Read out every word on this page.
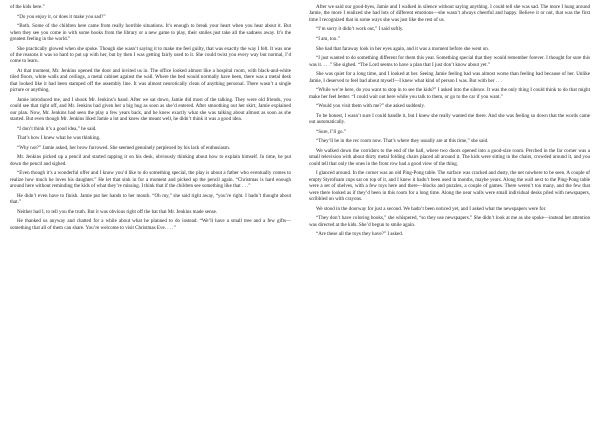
of the kids here.”

“Do you enjoy it, or does it make you sad?”

“Both. Some of the children here came from really horrible situations. It’s enough to break your heart when you hear about it. But when they see you come in with some books from the library or a new game to play, their smiles just take all the sadness away. It’s the greatest feeling in the world.”

She practically glowed when she spoke. Though she wasn’t saying it to make me feel guilty, that was exactly the way I felt. It was one of the reasons it was so hard to put up with her, but by then I was getting fairly used to it. She could twist you every way but normal, I’d come to learn.

At that moment, Mr. Jenkins opened the door and invited us in. The office looked almost like a hospital room, with black-and-white tiled floors, white walls and ceilings, a metal cabinet against the wall. Where the bed would normally have been, there was a metal desk that looked like it had been stamped off the assembly line. It was almost neurotically clean of anything personal. There wasn’t a single picture or anything.

Jamie introduced me, and I shook Mr. Jenkins’s hand. After we sat down, Jamie did most of the talking. They were old friends, you could see that right off, and Mr. Jenkins had given her a big hug as soon as she’d entered. After smoothing out her skirt, Jamie explained our plan. Now, Mr. Jenkins had seen the play a few years back, and he knew exactly what she was talking about almost as soon as she started. But even though Mr. Jenkins liked Jamie a lot and knew she meant well, he didn’t think it was a good idea.

“I don’t think it’s a good idea,” he said.

That’s how I knew what he was thinking.

“Why not?” Jamie asked, her brow furrowed. She seemed genuinely perplexed by his lack of enthusiasm.

Mr. Jenkins picked up a pencil and started tapping it on his desk, obviously thinking about how to explain himself. In time, he put down the pencil and sighed.

“Even though it’s a wonderful offer and I know you’d like to do something special, the play is about a father who eventually comes to realize how much he loves his daughter.” He let that sink in for a moment and picked up the pencil again. “Christmas is hard enough around here without reminding the kids of what they’re missing. I think that if the children see something like that . . .”

He didn’t even have to finish. Jamie put her hands to her mouth. “Oh my,” she said right away, “you’re right. I hadn’t thought about that.”

Neither had I, to tell you the truth. But it was obvious right off the bat that Mr. Jenkins made sense.

He thanked us anyway and chatted for a while about what he planned to do instead. “We’ll have a small tree and a few gifts—something that all of them can share. You’re welcome to visit Christmas Eve. . . .”

After we said our good-byes, Jamie and I walked in silence without saying anything. I could tell she was sad. The more I hung around Jamie, the more I realized she had lots of different emotions—she wasn’t always cheerful and happy. Believe it or not, that was the first time I recognized that in some ways she was just like the rest of us.

“I’m sorry it didn’t work out,” I said softly.

“I am, too.”

She had that faraway look in her eyes again, and it was a moment before she went on.

“I just wanted to do something different for them this year. Something special that they would remember forever. I thought for sure this was it. . . .” She sighed. “The Lord seems to have a plan that I just don’t know about yet.”

She was quiet for a long time, and I looked at her. Seeing Jamie feeling bad was almost worse than feeling bad because of her. Unlike Jamie, I deserved to feel bad about myself—I knew what kind of person I was. But with her . . .

“While we’re here, do you want to stop in to see the kids?” I asked into the silence. It was the only thing I could think to do that might make her feel better. “I could wait out here while you talk to them, or go to the car if you want.”

“Would you visit them with me?” she asked suddenly.

To be honest, I wasn’t sure I could handle it, but I knew she really wanted me there. And she was feeling so down that the words came out automatically.

“Sure, I’ll go.”

“They’ll be in the rec room now. That’s where they usually are at this time,” she said.

We walked down the corridors to the end of the hall, where two doors opened into a good-size room. Perched in the far corner was a small television with about thirty metal folding chairs placed all around it. The kids were sitting in the chairs, crowded around it, and you could tell that only the ones in the front row had a good view of the thing.

I glanced around. In the corner was an old Ping-Pong table. The surface was cracked and dusty, the net nowhere to be seen. A couple of empty Styrofoam cups sat on top of it, and I knew it hadn’t been used in months, maybe years. Along the wall next to the Ping-Pong table were a set of shelves, with a few toys here and there—blocks and puzzles, a couple of games. There weren’t too many, and the few that were there looked as if they’d been in this room for a long time. Along the near walls were small individual desks piled with newspapers, scribbled on with crayons.

We stood in the doorway for just a second. We hadn’t been noticed yet, and I asked what the newspapers were for.

“They don’t have coloring books,” she whispered, “so they use newspapers.” She didn’t look at me as she spoke—instead her attention was directed at the kids. She’d begun to smile again.

“Are these all the toys they have?” I asked.
